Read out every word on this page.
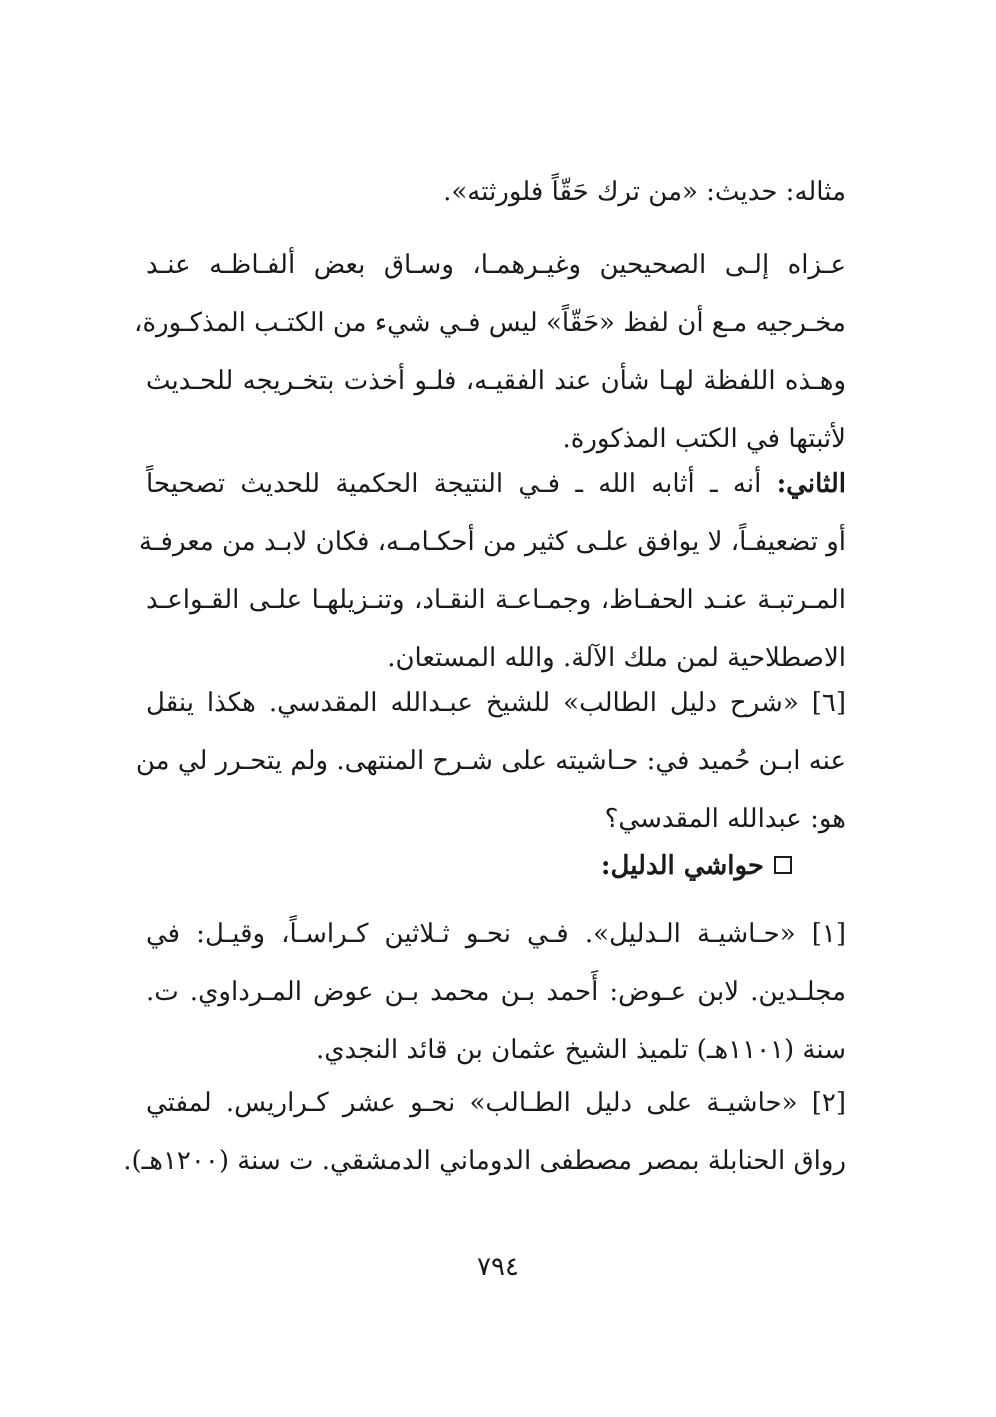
مثاله: حديث: «من ترك حَقّاً فلورثته».
عـزاه إلـى الصحيحين وغيـرهمـا، وسـاق بعض ألفـاظـه عنـد
مخـرجيه مـع أن لفظ «حَقّاً» ليس فـي شيء من الكتـب المذكـورة،
وهـذه اللفظة لهـا شأن عند الفقيـه، فلـو أخذت بتخـريجه للحـديث
لأثبتها في الكتب المذكورة.
الثاني: أنه ـ أثابه الله ـ فـي النتيجة الحكمية للحديث تصحيحاً
أو تضعيفـاً، لا يوافق علـى كثير من أحكـامـه، فكان لابـد من معرفـة
المـرتبـة عنـد الحفـاظ، وجمـاعـة النقـاد، وتنـزيلهـا علـى القـواعـد
الاصطلاحية لمن ملك الآلة. والله المستعان.
[٦] «شرح دليل الطالب» للشيخ عبـدالله المقدسي. هكذا ينقل
عنه ابـن حُميد في: حـاشيته على شـرح المنتهى. ولم يتحـرر لي من
هو: عبدالله المقدسي؟
حواشي الدليل:
[١] «حـاشيـة الـدليل». فـي نحـو ثـلاثين كـراسـاً، وقيـل: في
مجلـدين. لابن عـوض: أَحمد بـن محمد بـن عوض المـرداوي. ت.
سنة (١١٠١هـ) تلميذ الشيخ عثمان بن قائد النجدي.
[٢] «حاشيـة على دليل الطـالب» نحـو عشر كـراريس. لمفتي
رواق الحنابلة بمصر مصطفى الدوماني الدمشقي. ت سنة (١٢٠٠هـ).
٧٩٤
